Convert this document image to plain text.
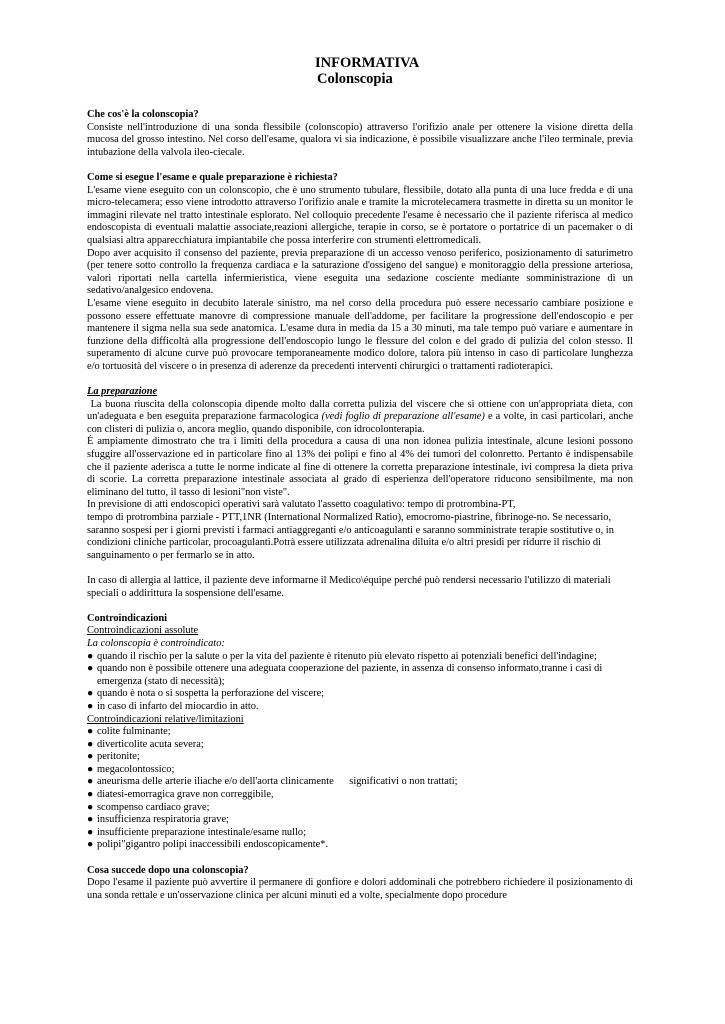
INFORMATIVA
Colonscopia
Che cos'è la colonscopia?

Consiste nell'introduzione di una sonda flessibile (colonscopio) attraverso l'orifizio anale per ottenere la visione diretta della mucosa del grosso intestino. Nel corso dell'esame, qualora vi sia indicazione, è possibile visualizzare anche l'ileo terminale, previa intubazione della valvola ileo-ciecale.

Come si esegue l'esame e quale preparazione è richiesta?

L'esame viene eseguito con un colonscopio, che è uno strumento tubulare, flessibile, dotato alla punta di una luce fredda e di una micro-telecamera; esso viene introdotto attraverso l'orifizio anale e tramite la microtelecamera trasmette in diretta su un monitor le immagini rilevate nel tratto intestinale esplorato. Nel colloquio precedente l'esame è necessario che il paziente riferisca al medico endoscopista di eventuali malattie associate,reazioni allergiche, terapie in corso, se è portatore o portatrice di un pacemaker o di qualsiasi altra apparecchiatura impiantabile che possa interferire con strumenti elettromedicali.

Dopo aver acquisito il consenso del paziente, previa preparazione di un accesso venoso periferico, posizionamento di saturimetro (per tenere sotto controllo la frequenza cardiaca e la saturazione d'ossigeno del sangue) e monitoraggio della pressione arteriosa, valori riportati nella cartella infermieristica, viene eseguita una sedazione cosciente mediante somministrazione di un sedativo/analgesico endovena.

L'esame viene eseguito in decubito laterale sinistro, ma nel corso della procedura può essere necessario cambiare posizione e possono essere effettuate manovre di compressione manuale dell'addome, per facilitare la progressione dell'endoscopio e per mantenere il sigma nella sua sede anatomica. L'esame dura in media da 15 a 30 minuti, ma tale tempo può variare e aumentare in funzione della difficoltà alla progressione dell'endoscopio lungo le flessure del colon e del grado di pulizia del colon stesso. Il superamento di alcune curve può provocare temporaneamente modico dolore, talora più intenso in caso di particolare lunghezza e/o tortuosità del viscere o in presenza di aderenze da precedenti interventi chirurgici o trattamenti radioterapici.

La preparazione

La buona riuscita della colonscopia dipende molto dalla corretta pulizia del viscere che si ottiene con un'appropriata dieta, con un'adeguata e ben eseguita preparazione farmacologica (vedi foglio di preparazione all'esame) e a volte, in casi particolari, anche con clisteri di pulizia o, ancora meglio, quando disponibile, con idrocolonterapia.

É ampiamente dimostrato che tra i limiti della procedura a causa di una non idonea pulizia intestinale, alcune lesioni possono sfuggire all'osservazione ed in particolare fino al 13% dei polipi e fino al 4% dei tumori del colonretto. Pertanto è indispensabile che il paziente aderisca a tutte le norme indicate al fine di ottenere la corretta preparazione intestinale, ivi compresa la dieta priva di scorie. La corretta preparazione intestinale associata al grado di esperienza dell'operatore riducono sensibilmente, ma non eliminano del tutto, il tasso di lesioni"non viste".

In previsione di atti endoscopici operativi sarà valutato l'assetto coagulativo: tempo di protrombina-PT,

tempo di protrombina parziale - PTT,1NR (International Normalized Ratio), emocromo-piastrine, fibrinoge-no. Se necessario, saranno sospesi per i giorni previsti i farmaci antiaggreganti e/o anticoagulanti e saranno somministrate terapie sostitutive o, in condizioni cliniche particolar, procoagulanti.Potrà essere utilizzata adrenalina diluita e/o altri presidi per ridurre il rischio di sanguinamento o per fermarlo se in atto.

In caso di allergia al lattice, il paziente deve informarne il Medico\équipe perché può rendersi necessario l'utilizzo di materiali speciali o addirittura la sospensione dell'esame.

Controindicazioni
Controindicazioni assolute
La colonscopia è controindicato:

● quando il rischio per la salute o per la vita del paziente è ritenuto più elevato rispetto ai potenziali benefici dell'indagine;

● quando non è possibile ottenere una adeguata cooperazione del paziente, in assenza di consenso informato,tranne i casi di emergenza (stato di necessità);

● quando è nota o si sospetta la perforazione del viscere;

● in caso di infarto del miocardio in atto.

Controindicazioni relative/limitazioni

● colite fulminante;

● diverticolite acuta severa;

● peritonite;

● megacolontossico;

● aneurisma delle arterie iliache e/o dell'aorta clinicamente      significativi o non trattati;

● diatesi-emorragica grave non correggibile,

● scompenso cardiaco grave;

● insufficienza respiratoria grave;

● insufficiente preparazione intestinale/esame nullo;

● polipi"gigantro polipi inaccessibili endoscopicamente*.

Cosa succede dopo una colonscopia?

Dopo l'esame il paziente può avvertire il permanere di gonfiore e dolori addominali che potrebbero richiedere il posizionamento di una sonda rettale e un'osservazione clinica per alcuni minuti ed a volte, specialmente dopo procedure
